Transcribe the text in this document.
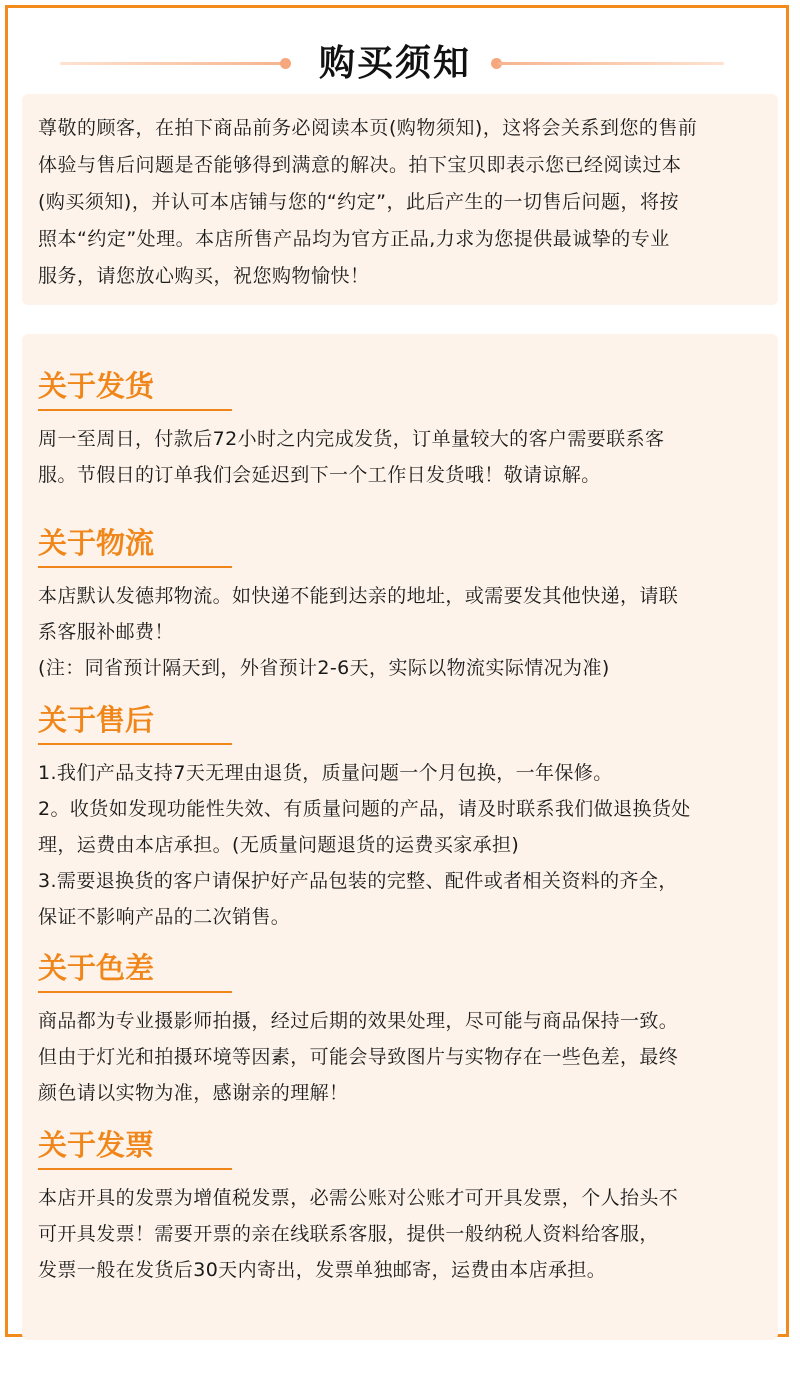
购买须知
尊敬的顾客，在拍下商品前务必阅读本页(购物须知)，这将会关系到您的售前
体验与售后问题是否能够得到满意的解决。拍下宝贝即表示您已经阅读过本
(购买须知)，并认可本店铺与您的“约定”，此后产生的一切售后问题，将按
照本“约定”处理。本店所售产品均为官方正品,力求为您提供最诚挚的专业
服务，请您放心购买，祝您购物愉快！
关于发货

周一至周日，付款后72小时之内完成发货，订单量较大的客户需要联系客

服。节假日的订单我们会延迟到下一个工作日发货哦！敬请谅解。

关于物流

本店默认发德邦物流。如快递不能到达亲的地址，或需要发其他快递，请联

系客服补邮费！

(注：同省预计隔天到，外省预计2-6天，实际以物流实际情况为准)

关于售后

1.我们产品支持7天无理由退货，质量问题一个月包换，一年保修。

2。收货如发现功能性失效、有质量问题的产品，请及时联系我们做退换货处

理，运费由本店承担。(无质量问题退货的运费买家承担)

3.需要退换货的客户请保护好产品包装的完整、配件或者相关资料的齐全，

保证不影响产品的二次销售。

关于色差

商品都为专业摄影师拍摄，经过后期的效果处理，尽可能与商品保持一致。

但由于灯光和拍摄环境等因素，可能会导致图片与实物存在一些色差，最终

颜色请以实物为准，感谢亲的理解！

关于发票

本店开具的发票为增值税发票，必需公账对公账才可开具发票，个人抬头不

可开具发票！需要开票的亲在线联系客服，提供一般纳税人资料给客服，

发票一般在发货后30天内寄出，发票单独邮寄，运费由本店承担。
